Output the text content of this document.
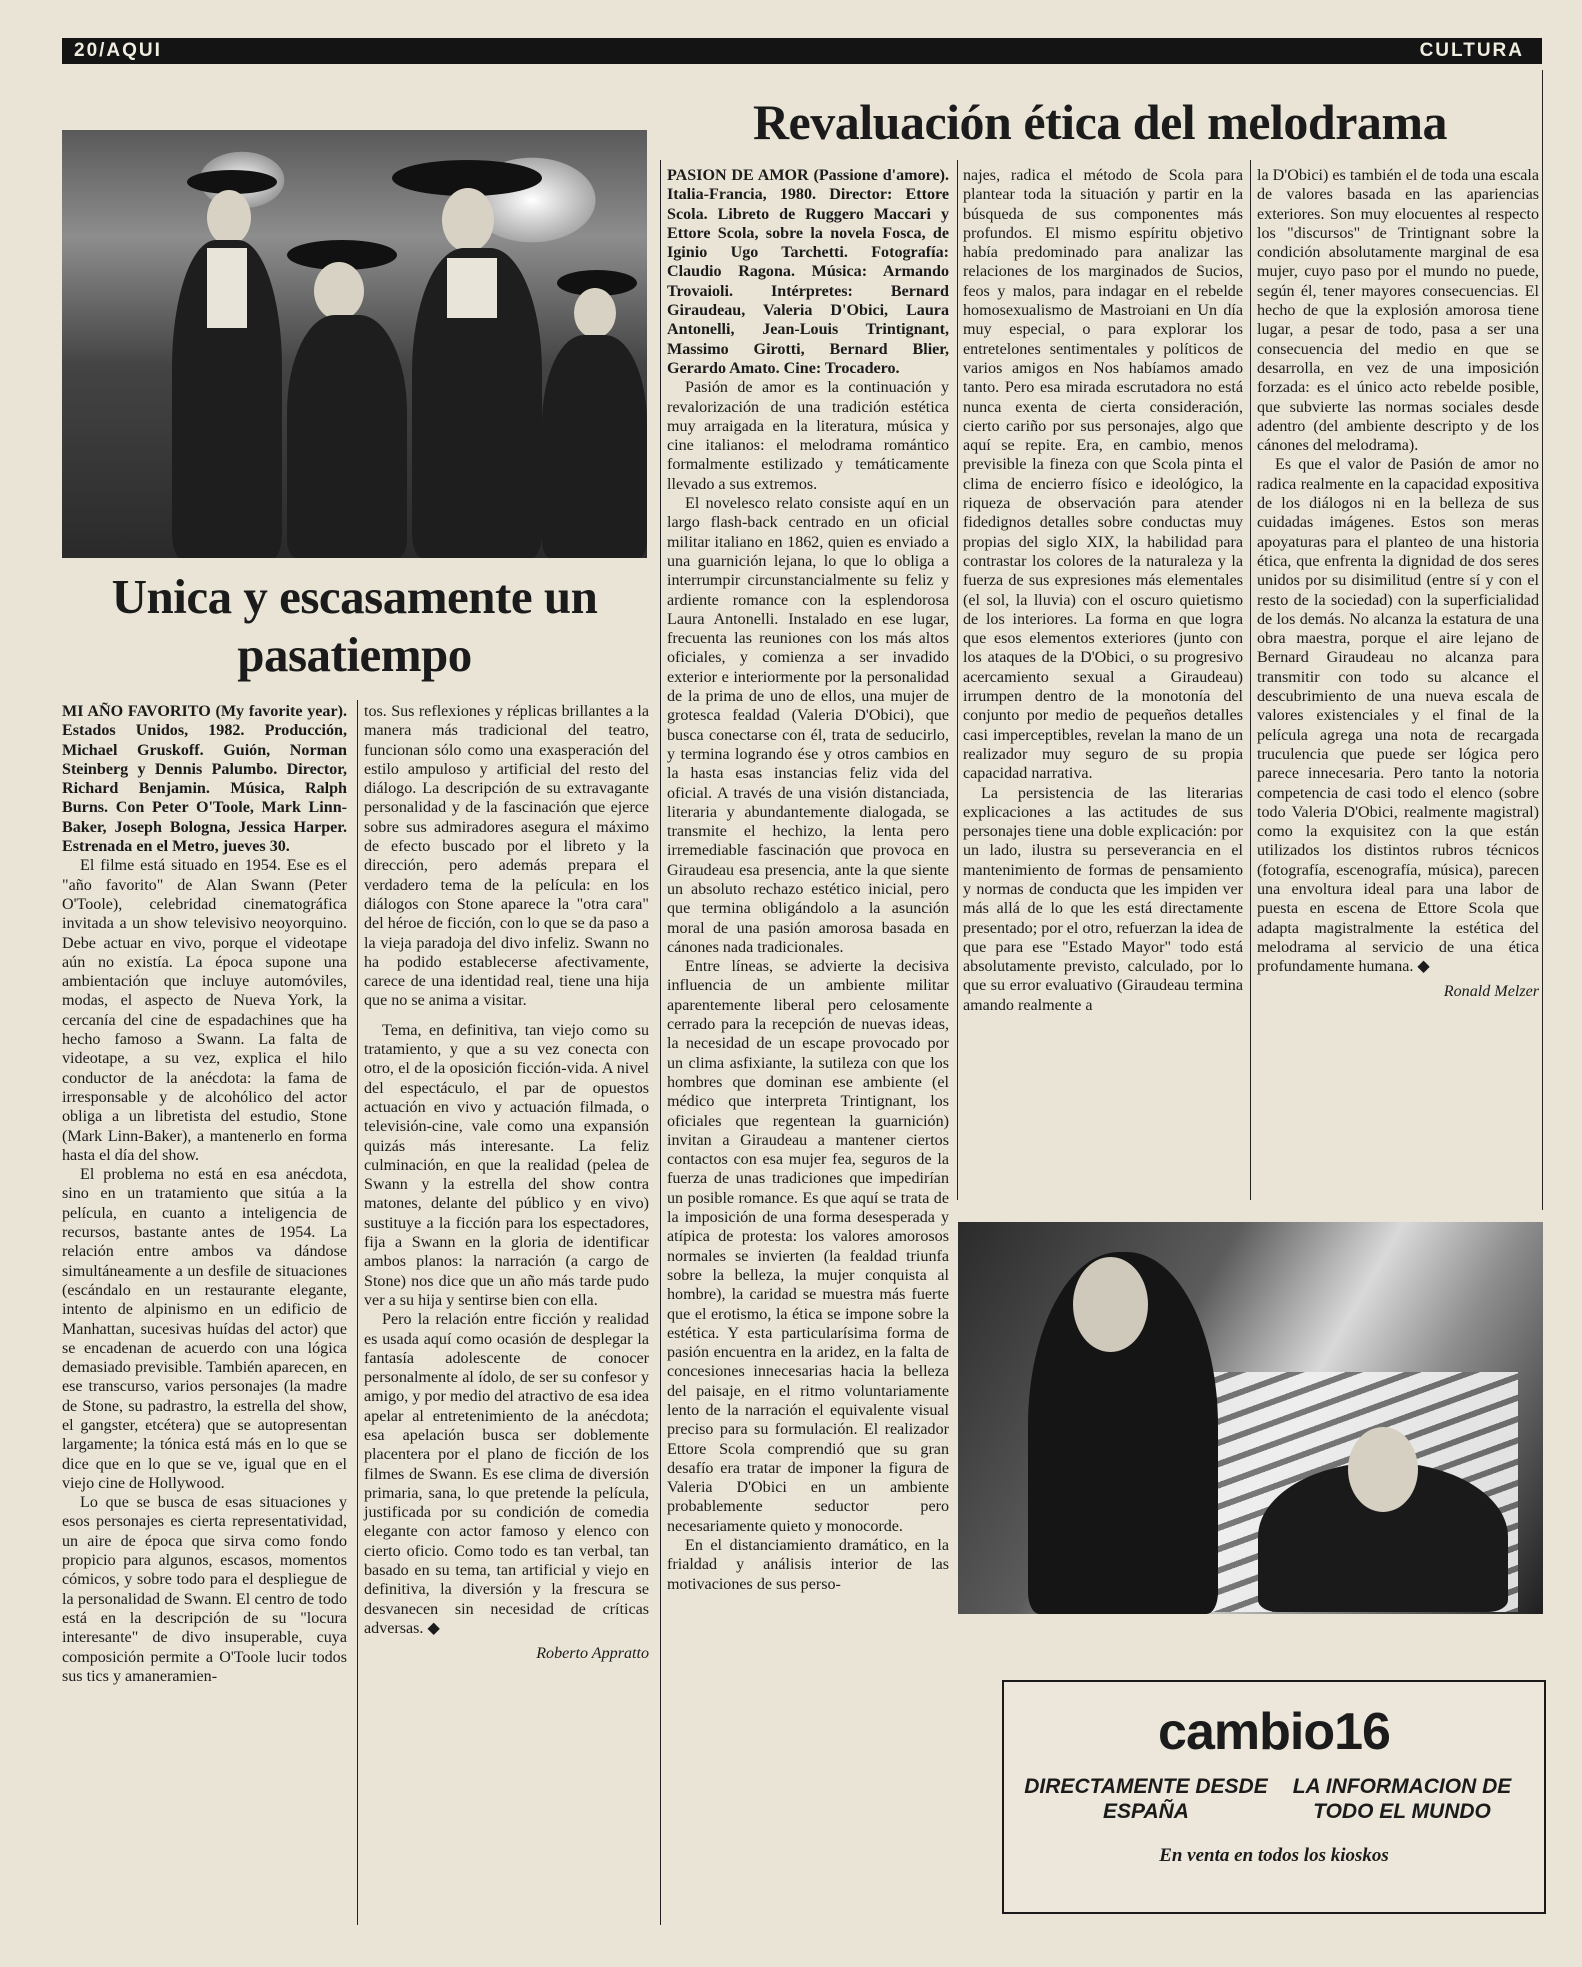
20/AQUI	CULTURA
Unica y escasamente un pasatiempo
Revaluación ética del melodrama

MI AÑO FAVORITO (My favorite year). Estados Unidos, 1982. Producción, Michael Gruskoff. Guión, Norman Steinberg y Dennis Palumbo. Director, Richard Benjamin. Música, Ralph Burns. Con Peter O'Toole, Mark Linn-Baker, Joseph Bologna, Jessica Harper. Estrenada en el Metro, jueves 30.

El filme está situado en 1954. Ese es el "año favorito" de Alan Swann (Peter O'Toole), celebridad cinematográfica invitada a un show televisivo neoyorquino. Debe actuar en vivo, porque el videotape aún no existía. La época supone una ambientación que incluye automóviles, modas, el aspecto de Nueva York, la cercanía del cine de espadachines que ha hecho famoso a Swann. La falta de videotape, a su vez, explica el hilo conductor de la anécdota: la fama de irresponsable y de alcohólico del actor obliga a un libretista del estudio, Stone (Mark Linn-Baker), a mantenerlo en forma hasta el día del show.

El problema no está en esa anécdota, sino en un tratamiento que sitúa a la película, en cuanto a inteligencia de recursos, bastante antes de 1954. La relación entre ambos va dándose simultáneamente a un desfile de situaciones (escándalo en un restaurante elegante, intento de alpinismo en un edificio de Manhattan, sucesivas huídas del actor) que se encadenan de acuerdo con una lógica demasiado previsible. También aparecen, en ese transcurso, varios personajes (la madre de Stone, su padrastro, la estrella del show, el gangster, etcétera) que se autopresentan largamente; la tónica está más en lo que se dice que en lo que se ve, igual que en el viejo cine de Hollywood.

Lo que se busca de esas situaciones y esos personajes es cierta representatividad, un aire de época que sirva como fondo propicio para algunos, escasos, momentos cómicos, y sobre todo para el despliegue de la personalidad de Swann. El centro de todo está en la descripción de su "locura interesante" de divo insuperable, cuya composición permite a O'Toole lucir todos sus tics y amaneramien-

tos. Sus reflexiones y réplicas brillantes a la manera más tradicional del teatro, funcionan sólo como una exasperación del estilo ampuloso y artificial del resto del diálogo. La descripción de su extravagante personalidad y de la fascinación que ejerce sobre sus admiradores asegura el máximo de efecto buscado por el libreto y la dirección, pero además prepara el verdadero tema de la película: en los diálogos con Stone aparece la "otra cara" del héroe de ficción, con lo que se da paso a la vieja paradoja del divo infeliz. Swann no ha podido establecerse afectivamente, carece de una identidad real, tiene una hija que no se anima a visitar.

Tema, en definitiva, tan viejo como su tratamiento, y que a su vez conecta con otro, el de la oposición ficción-vida. A nivel del espectáculo, el par de opuestos actuación en vivo y actuación filmada, o televisión-cine, vale como una expansión quizás más interesante. La feliz culminación, en que la realidad (pelea de Swann y la estrella del show contra matones, delante del público y en vivo) sustituye a la ficción para los espectadores, fija a Swann en la gloria de identificar ambos planos: la narración (a cargo de Stone) nos dice que un año más tarde pudo ver a su hija y sentirse bien con ella.

Pero la relación entre ficción y realidad es usada aquí como ocasión de desplegar la fantasía adolescente de conocer personalmente al ídolo, de ser su confesor y amigo, y por medio del atractivo de esa idea apelar al entretenimiento de la anécdota; esa apelación busca ser doblemente placentera por el plano de ficción de los filmes de Swann. Es ese clima de diversión primaria, sana, lo que pretende la película, justificada por su condición de comedia elegante con actor famoso y elenco con cierto oficio. Como todo es tan verbal, tan basado en su tema, tan artificial y viejo en definitiva, la diversión y la frescura se desvanecen sin necesidad de críticas adversas. ◆

Roberto Appratto

PASION DE AMOR (Passione d'amore). Italia-Francia, 1980. Director: Ettore Scola. Libreto de Ruggero Maccari y Ettore Scola, sobre la novela Fosca, de Iginio Ugo Tarchetti. Fotografía: Claudio Ragona. Música: Armando Trovaioli. Intérpretes: Bernard Giraudeau, Valeria D'Obici, Laura Antonelli, Jean-Louis Trintignant, Massimo Girotti, Bernard Blier, Gerardo Amato. Cine: Trocadero.

Pasión de amor es la continuación y revalorización de una tradición estética muy arraigada en la literatura, música y cine italianos: el melodrama romántico formalmente estilizado y temáticamente llevado a sus extremos.

El novelesco relato consiste aquí en un largo flash-back centrado en un oficial militar italiano en 1862, quien es enviado a una guarnición lejana, lo que lo obliga a interrumpir circunstancialmente su feliz y ardiente romance con la esplendorosa Laura Antonelli. Instalado en ese lugar, frecuenta las reuniones con los más altos oficiales, y comienza a ser invadido exterior e interiormente por la personalidad de la prima de uno de ellos, una mujer de grotesca fealdad (Valeria D'Obici), que busca conectarse con él, trata de seducirlo, y termina logrando ése y otros cambios en la hasta esas instancias feliz vida del oficial. A través de una visión distanciada, literaria y abundantemente dialogada, se transmite el hechizo, la lenta pero irremediable fascinación que provoca en Giraudeau esa presencia, ante la que siente un absoluto rechazo estético inicial, pero que termina obligándolo a la asunción moral de una pasión amorosa basada en cánones nada tradicionales.

Entre líneas, se advierte la decisiva influencia de un ambiente militar aparentemente liberal pero celosamente cerrado para la recepción de nuevas ideas, la necesidad de un escape provocado por un clima asfixiante, la sutileza con que los hombres que dominan ese ambiente (el médico que interpreta Trintignant, los oficiales que regentean la guarnición) invitan a Giraudeau a mantener ciertos contactos con esa mujer fea, seguros de la fuerza de unas tradiciones que impedirían un posible romance. Es que aquí se trata de la imposición de una forma desesperada y atípica de protesta: los valores amorosos normales se invierten (la fealdad triunfa sobre la belleza, la mujer conquista al hombre), la caridad se muestra más fuerte que el erotismo, la ética se impone sobre la estética. Y esta particularísima forma de pasión encuentra en la aridez, en la falta de concesiones innecesarias hacia la belleza del paisaje, en el ritmo voluntariamente lento de la narración el equivalente visual preciso para su formulación. El realizador Ettore Scola comprendió que su gran desafío era tratar de imponer la figura de Valeria D'Obici en un ambiente probablemente seductor pero necesariamente quieto y monocorde.

En el distanciamiento dramático, en la frialdad y análisis interior de las motivaciones de sus perso-

najes, radica el método de Scola para plantear toda la situación y partir en la búsqueda de sus componentes más profundos. El mismo espíritu objetivo había predominado para analizar las relaciones de los marginados de Sucios, feos y malos, para indagar en el rebelde homosexualismo de Mastroiani en Un día muy especial, o para explorar los entretelones sentimentales y políticos de varios amigos en Nos habíamos amado tanto. Pero esa mirada escrutadora no está nunca exenta de cierta consideración, cierto cariño por sus personajes, algo que aquí se repite. Era, en cambio, menos previsible la fineza con que Scola pinta el clima de encierro físico e ideológico, la riqueza de observación para atender fidedignos detalles sobre conductas muy propias del siglo XIX, la habilidad para contrastar los colores de la naturaleza y la fuerza de sus expresiones más elementales (el sol, la lluvia) con el oscuro quietismo de los interiores. La forma en que logra que esos elementos exteriores (junto con los ataques de la D'Obici, o su progresivo acercamiento sexual a Giraudeau) irrumpen dentro de la monotonía del conjunto por medio de pequeños detalles casi imperceptibles, revelan la mano de un realizador muy seguro de su propia capacidad narrativa.

La persistencia de las literarias explicaciones a las actitudes de sus personajes tiene una doble explicación: por un lado, ilustra su perseverancia en el mantenimiento de formas de pensamiento y normas de conducta que les impiden ver más allá de lo que les está directamente presentado; por el otro, refuerzan la idea de que para ese "Estado Mayor" todo está absolutamente previsto, calculado, por lo que su error evaluativo (Giraudeau termina amando realmente a

la D'Obici) es también el de toda una escala de valores basada en las apariencias exteriores. Son muy elocuentes al respecto los "discursos" de Trintignant sobre la condición absolutamente marginal de esa mujer, cuyo paso por el mundo no puede, según él, tener mayores consecuencias. El hecho de que la explosión amorosa tiene lugar, a pesar de todo, pasa a ser una consecuencia del medio en que se desarrolla, en vez de una imposición forzada: es el único acto rebelde posible, que subvierte las normas sociales desde adentro (del ambiente descripto y de los cánones del melodrama).

Es que el valor de Pasión de amor no radica realmente en la capacidad expositiva de los diálogos ni en la belleza de sus cuidadas imágenes. Estos son meras apoyaturas para el planteo de una historia ética, que enfrenta la dignidad de dos seres unidos por su disimilitud (entre sí y con el resto de la sociedad) con la superficialidad de los demás. No alcanza la estatura de una obra maestra, porque el aire lejano de Bernard Giraudeau no alcanza para transmitir con todo su alcance el descubrimiento de una nueva escala de valores existenciales y el final de la película agrega una nota de recargada truculencia que puede ser lógica pero parece innecesaria. Pero tanto la notoria competencia de casi todo el elenco (sobre todo Valeria D'Obici, realmente magistral) como la exquisitez con la que están utilizados los distintos rubros técnicos (fotografía, escenografía, música), parecen una envoltura ideal para una labor de puesta en escena de Ettore Scola que adapta magistralmente la estética del melodrama al servicio de una ética profundamente humana. ◆

Ronald Melzer
cambio16
DIRECTAMENTE DESDE ESPAÑA
LA INFORMACION DE TODO EL MUNDO
En venta en todos los kioskos
